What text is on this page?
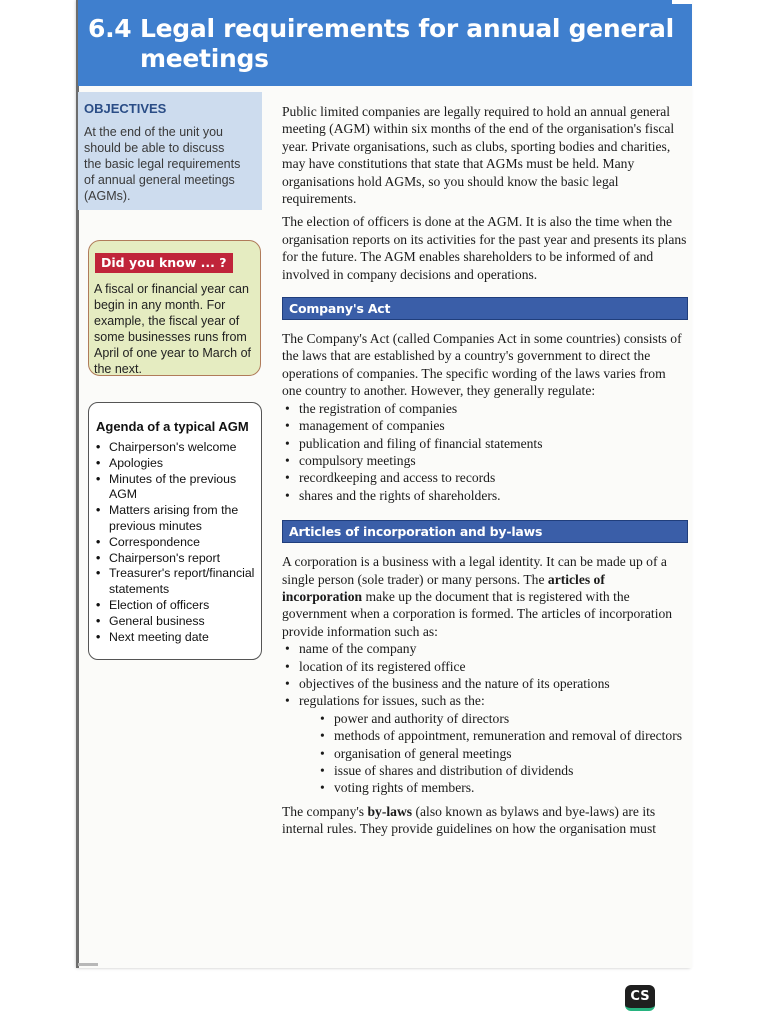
6.4 Legal requirements for annual general
meetings
OBJECTIVES
At the end of the unit you
should be able to discuss
the basic legal requirements
of annual general meetings
(AGMs).
Did you know ... ?
A fiscal or financial year can begin in any month. For example, the fiscal year of some businesses runs from April of one year to March of the next.
Agenda of a typical AGM
• Chairperson's welcome
• Apologies
• Minutes of the previous AGM
• Matters arising from the previous minutes
• Correspondence
• Chairperson's report
• Treasurer's report/financial statements
• Election of officers
• General business
• Next meeting date

Public limited companies are legally required to hold an annual general meeting (AGM) within six months of the end of the organisation's fiscal year. Private organisations, such as clubs, sporting bodies and charities, may have constitutions that state that AGMs must be held. Many organisations hold AGMs, so you should know the basic legal requirements.

The election of officers is done at the AGM. It is also the time when the organisation reports on its activities for the past year and presents its plans for the future. The AGM enables shareholders to be informed of and involved in company decisions and operations.

Company's Act

The Company's Act (called Companies Act in some countries) consists of the laws that are established by a country's government to direct the operations of companies. The specific wording of the laws varies from one country to another. However, they generally regulate:

• the registration of companies
• management of companies
• publication and filing of financial statements
• compulsory meetings
• recordkeeping and access to records
• shares and the rights of shareholders.
Articles of incorporation and by-laws

A corporation is a business with a legal identity. It can be made up of a single person (sole trader) or many persons. The articles of incorporation make up the document that is registered with the government when a corporation is formed. The articles of incorporation provide information such as:

• name of the company
• location of its registered office
• objectives of the business and the nature of its operations
• regulations for issues, such as the:
• power and authority of directors
• methods of appointment, remuneration and removal of directors
• organisation of general meetings
• issue of shares and distribution of dividends
• voting rights of members.

The company's by-laws (also known as bylaws and bye-laws) are its internal rules. They provide guidelines on how the organisation must

CS
